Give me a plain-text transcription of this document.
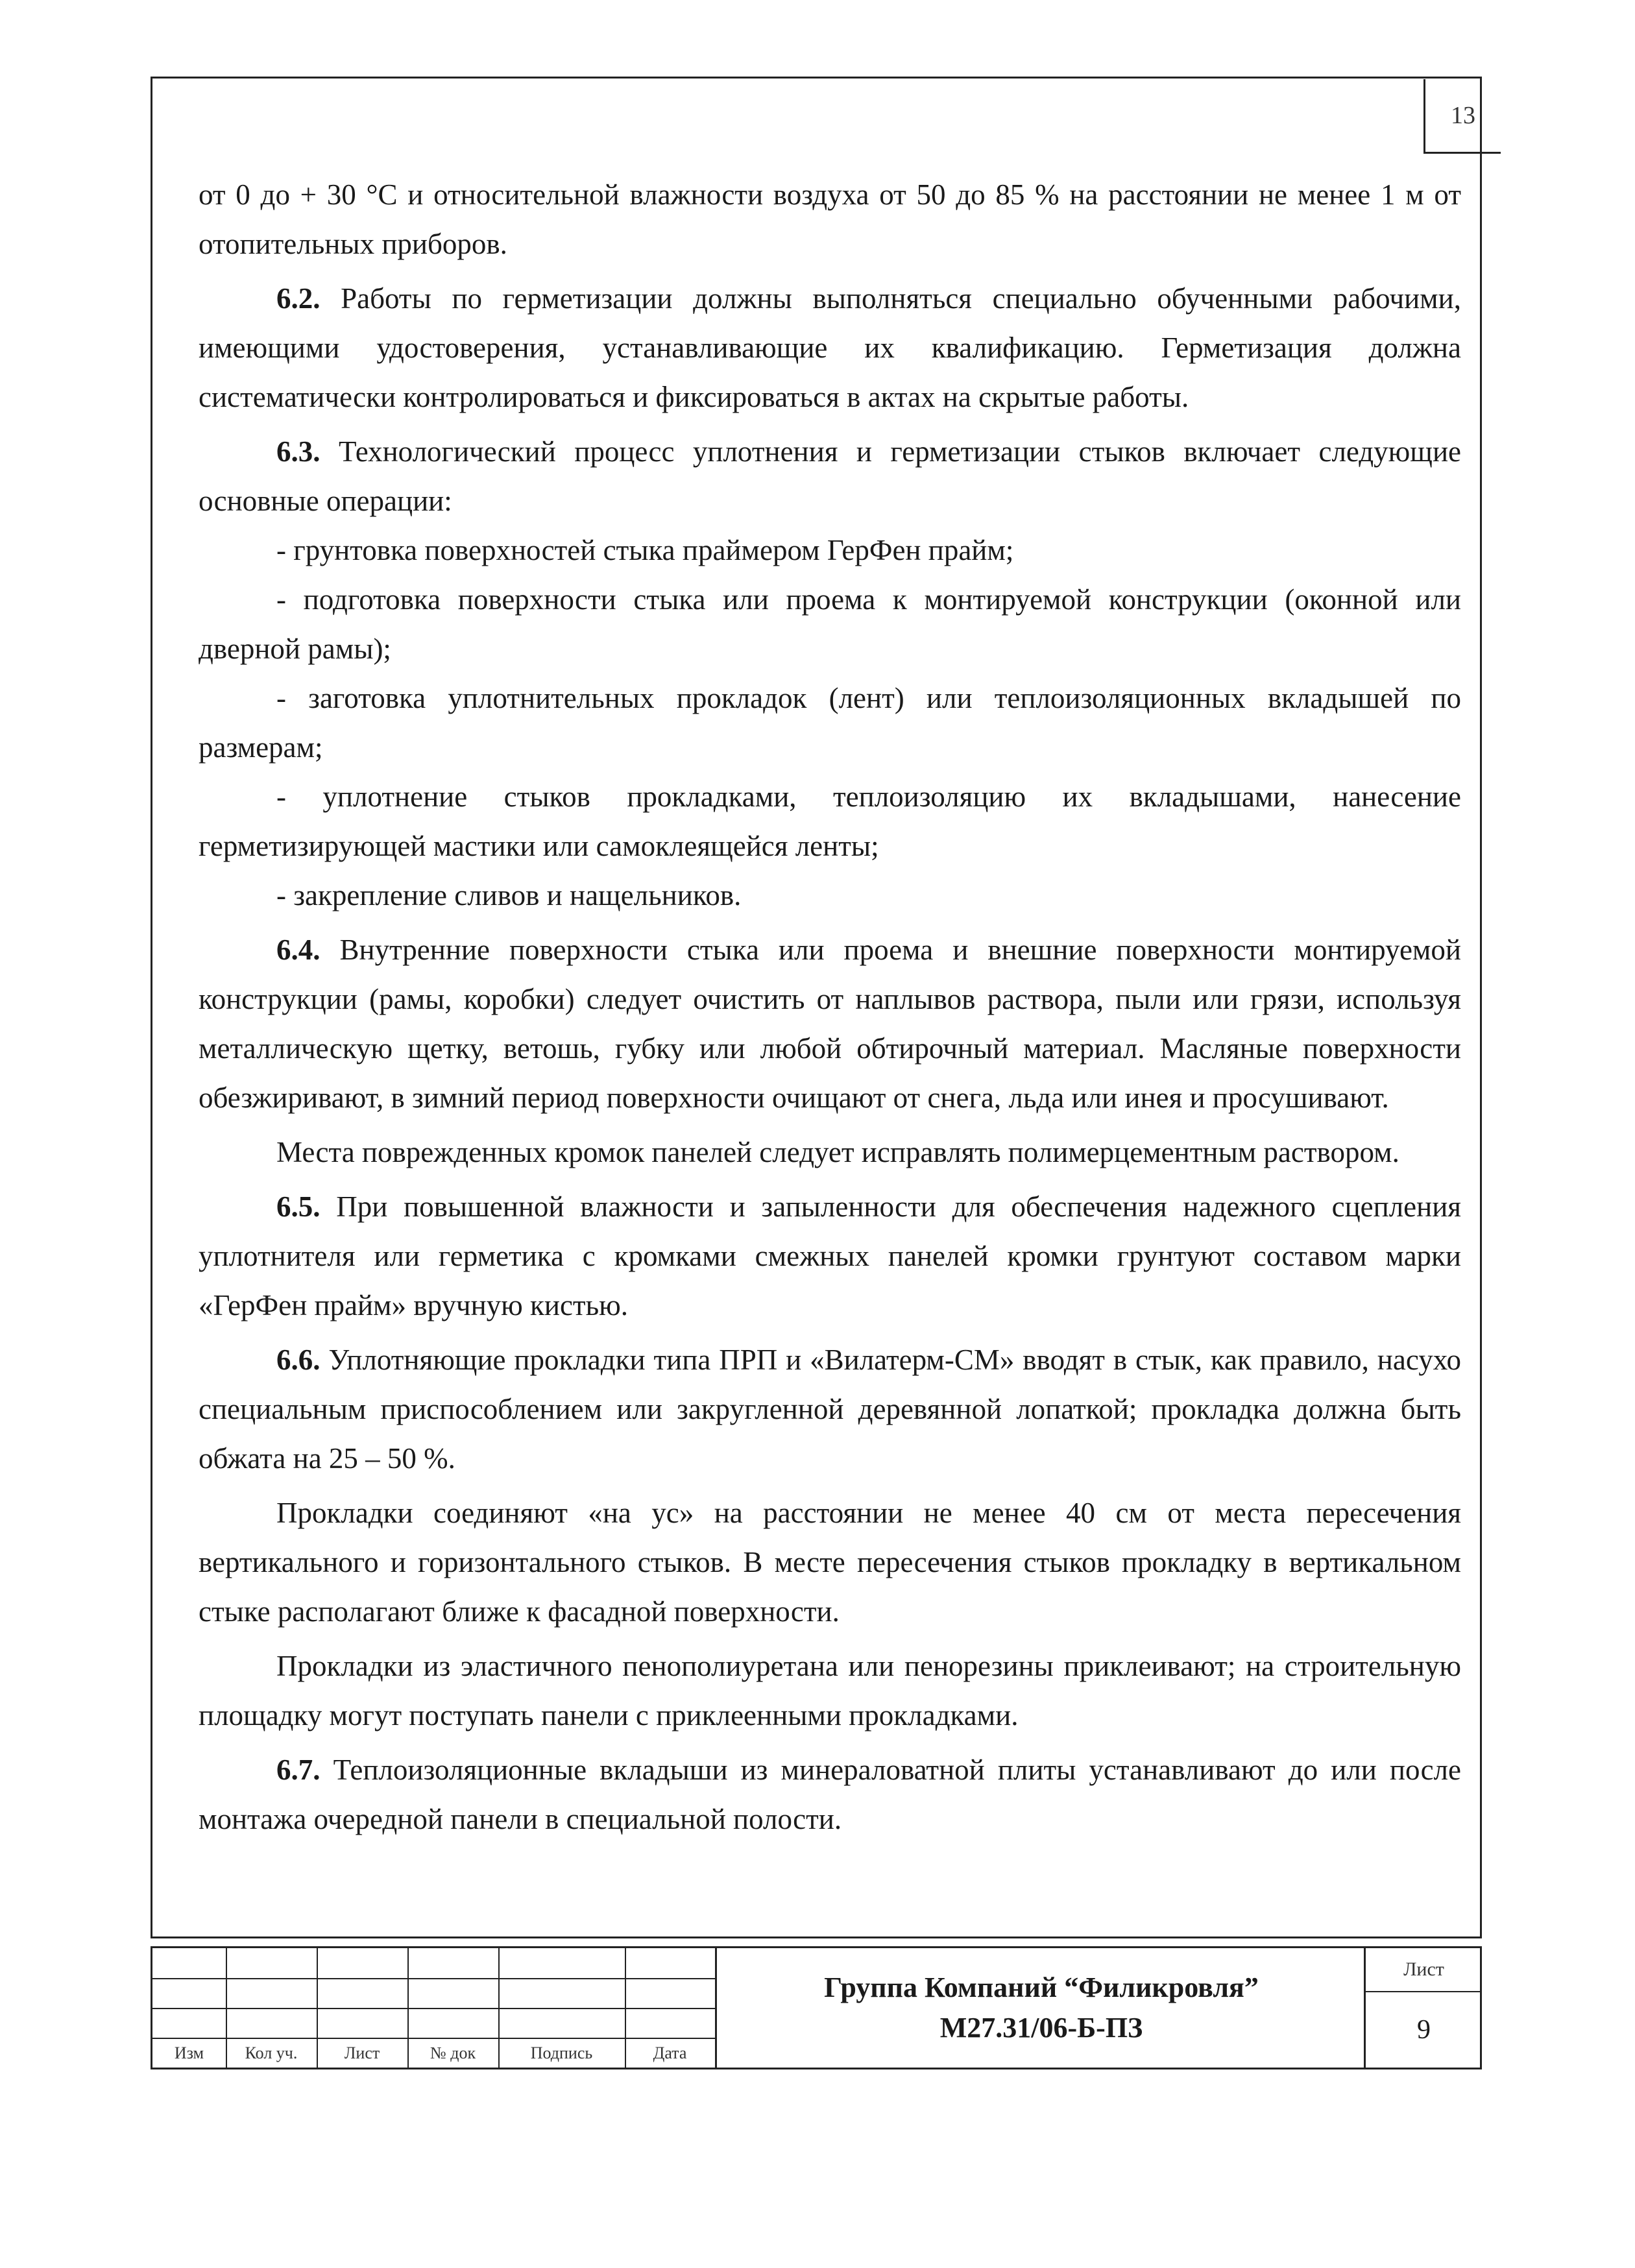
13

от 0 до + 30 °С и относительной влажности воздуха от 50 до 85 % на расстоянии не менее 1 м от отопительных приборов.

6.2. Работы по герметизации должны выполняться специально обученными рабочими, имеющими удостоверения, устанавливающие их квалификацию. Герметизация должна систематически контролироваться и фиксироваться в актах на скрытые работы.

6.3. Технологический процесс уплотнения и герметизации стыков включает следующие основные операции:

- грунтовка поверхностей стыка праймером ГерФен прайм;

- подготовка поверхности стыка или проема к монтируемой конструкции (оконной или дверной рамы);

- заготовка уплотнительных прокладок (лент) или теплоизоляционных вкладышей по размерам;

- уплотнение стыков прокладками, теплоизоляцию их вкладышами, нанесение герметизирующей мастики или самоклеящейся ленты;

- закрепление сливов и нащельников.

6.4. Внутренние поверхности стыка или проема и внешние поверхности монтируемой конструкции (рамы, коробки) следует очистить от наплывов раствора, пыли или грязи, используя металлическую щетку, ветошь, губку или любой обтирочный материал. Масляные поверхности обезжиривают, в зимний период поверхности очищают от снега, льда или инея и просушивают.

Места поврежденных кромок панелей следует исправлять полимерцементным раствором.

6.5. При повышенной влажности и запыленности для обеспечения надежного сцепления уплотнителя или герметика с кромками смежных панелей кромки грунтуют составом марки «ГерФен прайм» вручную кистью.

6.6. Уплотняющие прокладки типа ПРП и «Вилатерм-СМ» вводят в стык, как правило, насухо специальным приспособлением или закругленной деревянной лопаткой; прокладка должна быть обжата на 25 – 50 %.

Прокладки соединяют «на ус» на расстоянии не менее 40 см от места пересечения вертикального и горизонтального стыков. В месте пересечения стыков прокладку в вертикальном стыке располагают ближе к фасадной поверхности.

Прокладки из эластичного пенополиуретана или пенорезины приклеивают; на строительную площадку могут поступать панели с приклеенными прокладками.

6.7. Теплоизоляционные вкладыши из минераловатной плиты устанавливают до или после монтажа очередной панели в специальной полости.

Изм	Кол уч.	Лист	№ док	Подпись	Дата
Группа Компаний “Филикровля”
М27.31/06-Б-ПЗ
Лист
9
